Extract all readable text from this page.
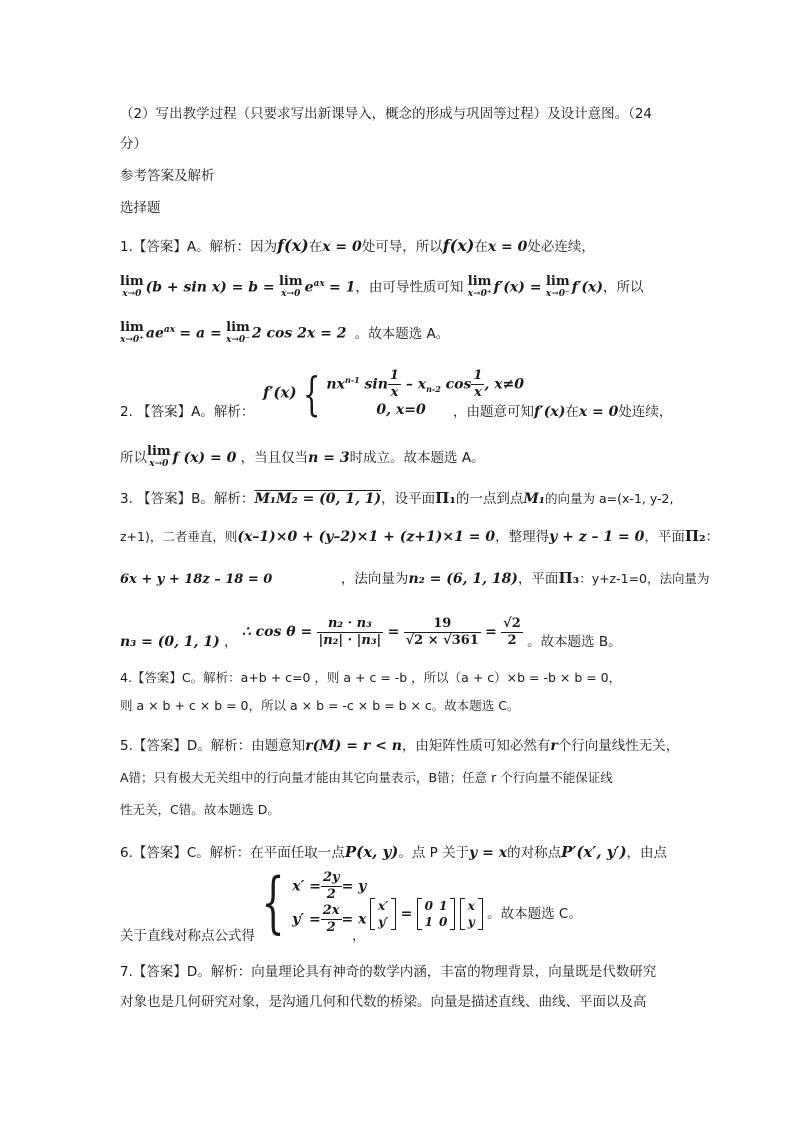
（2）写出教学过程（只要求写出新课导入，概念的形成与巩固等过程）及设计意图。（24
分）
参考答案及解析
选择题
1.【答案】A。解析：因为f(x)在x = 0处可导，所以f(x)在x = 0处必连续，
lim
x→0 (b + sin x) = b = lim
x→0 $e^{ax} = 1$，由可导性质可知 lim
x→0⁺ f′(x) = lim
x→0⁻ f′(x)，所以
lim
x→0⁺ $ae^{ax} = a = \lim$
x→0⁻ 2 cos 2x = 2 。故本题选 A。
f′(x) { $nx^{n-1}$ $\sin \frac{1}{x} - x_{n-2}$ $\cos \frac{1}{x}$ , x≠0
0, x=0
2. 【答案】A。解析：	，由题意可知f′(x)在x = 0处连续，
所以 lim
x→0 f (x) = 0 ，当且仅当n = 3时成立。故本题选 A。
3. 【答案】B。解析：M₁M₂ = (0, 1, 1)，设平面Π₁的一点到点M₁的向量为 a=(x-1, y-2,
z+1)，二者垂直，则(x–1)×0 + (y–2)×1 + (z+1)×1 = 0，整理得y + z – 1 = 0，平面Π₂：
6x + y + 18z – 18 = 0	，法向量为n₂ = (6, 1, 18)，平面Π₃：y+z-1=0，法向量为
n₃ = (0, 1, 1) ， ∴ $\cos \theta = \frac{\text{n₂ · n₃}}{\text{|n₂| · |n₃|}} = \frac{19}{√2 \times √361} = \frac{√2}{2}$ 。故本题选 B。
4.【答案】C。解析：a+b + c=0 ，则 a + c = -b ，所以（a + c）×b = -b × b = 0，
则 a × b + c × b = 0，所以 a × b = -c × b = b × c。故本题选 C。
5.【答案】D。解析：由题意知r(M) = r < n，由矩阵性质可知必然有r个行向量线性无关，
A错；只有极大无关组中的行向量才能由其它向量表示，B错；任意 r 个行向量不能保证线
性无关，C错。故本题选 D。
6.【答案】C。解析：在平面任取一点P(x, y)。点 P 关于y = x的对称点P′(x′, y′)，由点
关于直线对称点公式得 { $x' = \frac{2y}{2} = y$
$y' = \frac{2x}{2} = x$
，
x′
y′ = 0	1
1	0

x
y 。故本题选 C。
7.【答案】D。解析：向量理论具有神奇的数学内涵，丰富的物理背景，向量既是代数研究
对象也是几何研究对象，是沟通几何和代数的桥梁。向量是描述直线、曲线、平面以及高
